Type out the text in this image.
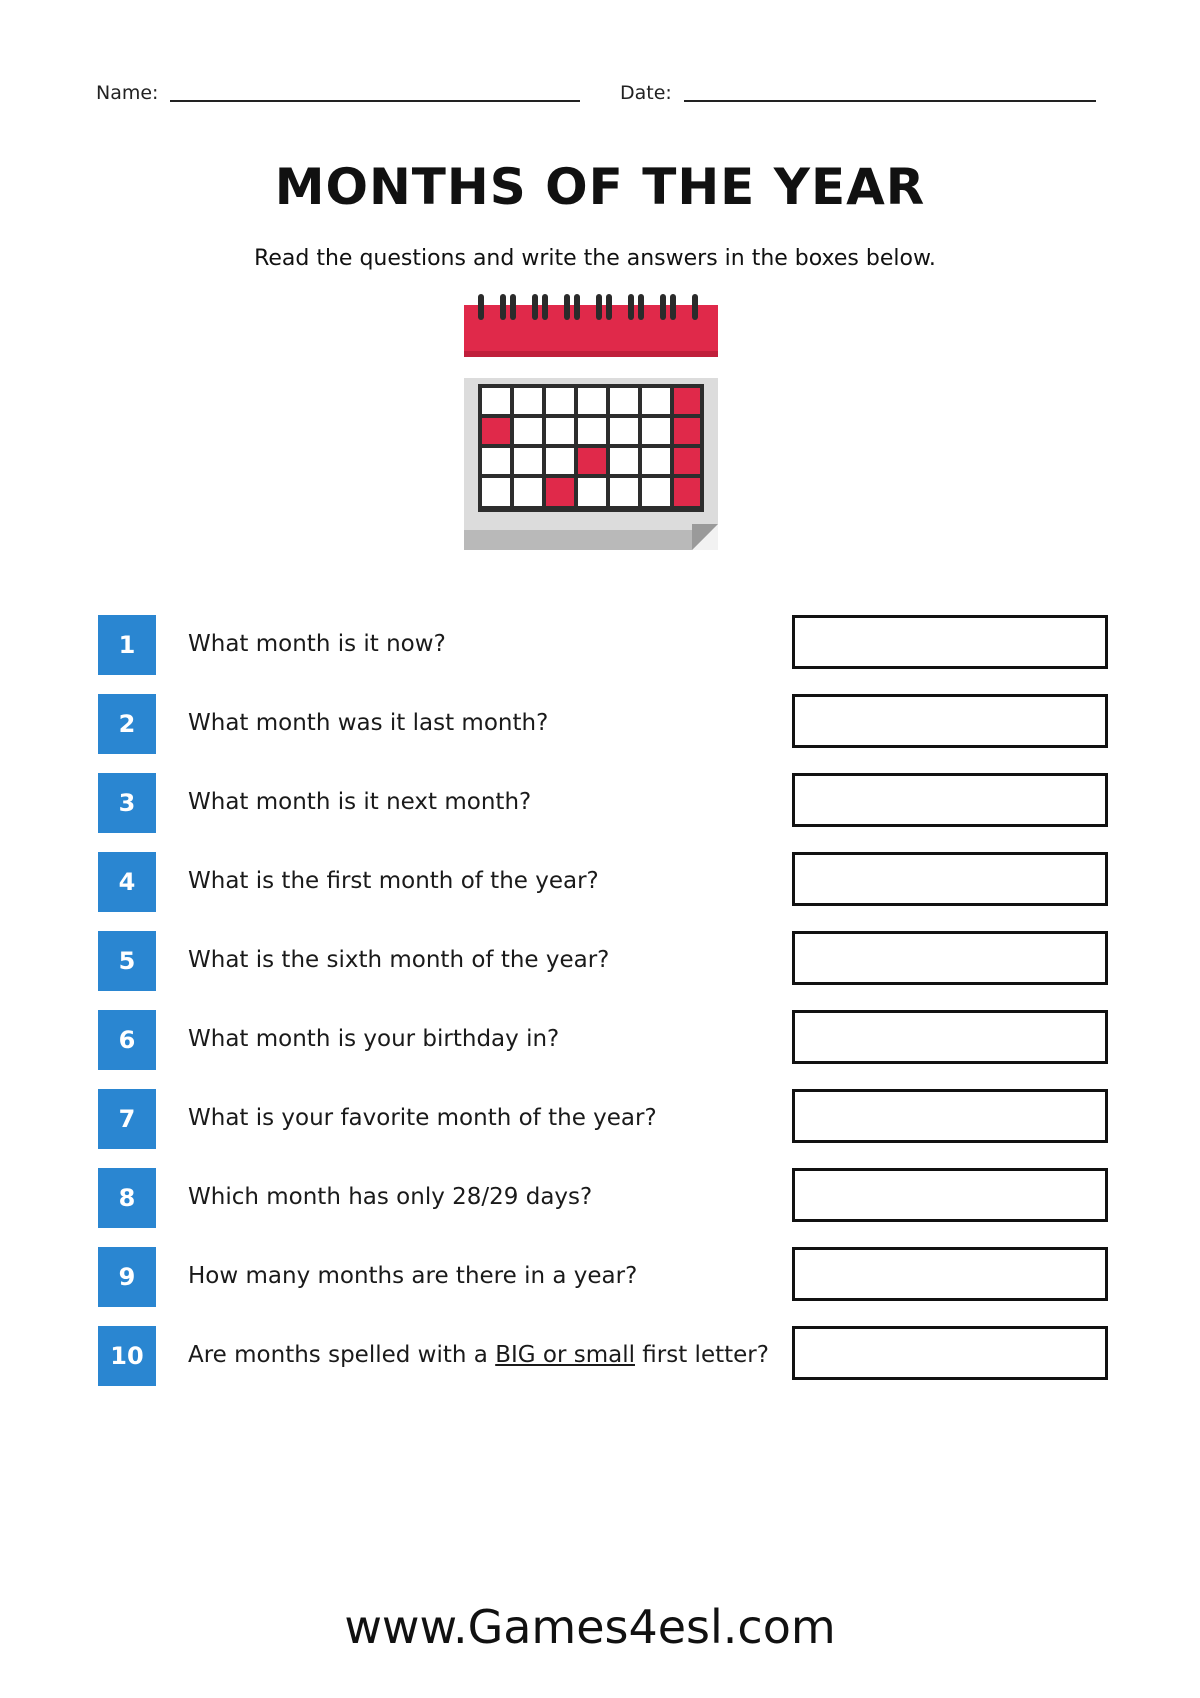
Name:	Date:
MONTHS OF THE YEAR

Read the questions and write the answers in the boxes below.

1	What month is it now?
2	What month was it last month?
3	What month is it next month?
4	What is the first month of the year?
5	What is the sixth month of the year?
6	What month is your birthday in?
7	What is your favorite month of the year?
8	Which month has only 28/29 days?
9	How many months are there in a year?
10	Are months spelled with a BIG or small first letter?

www.Games4esl.com
